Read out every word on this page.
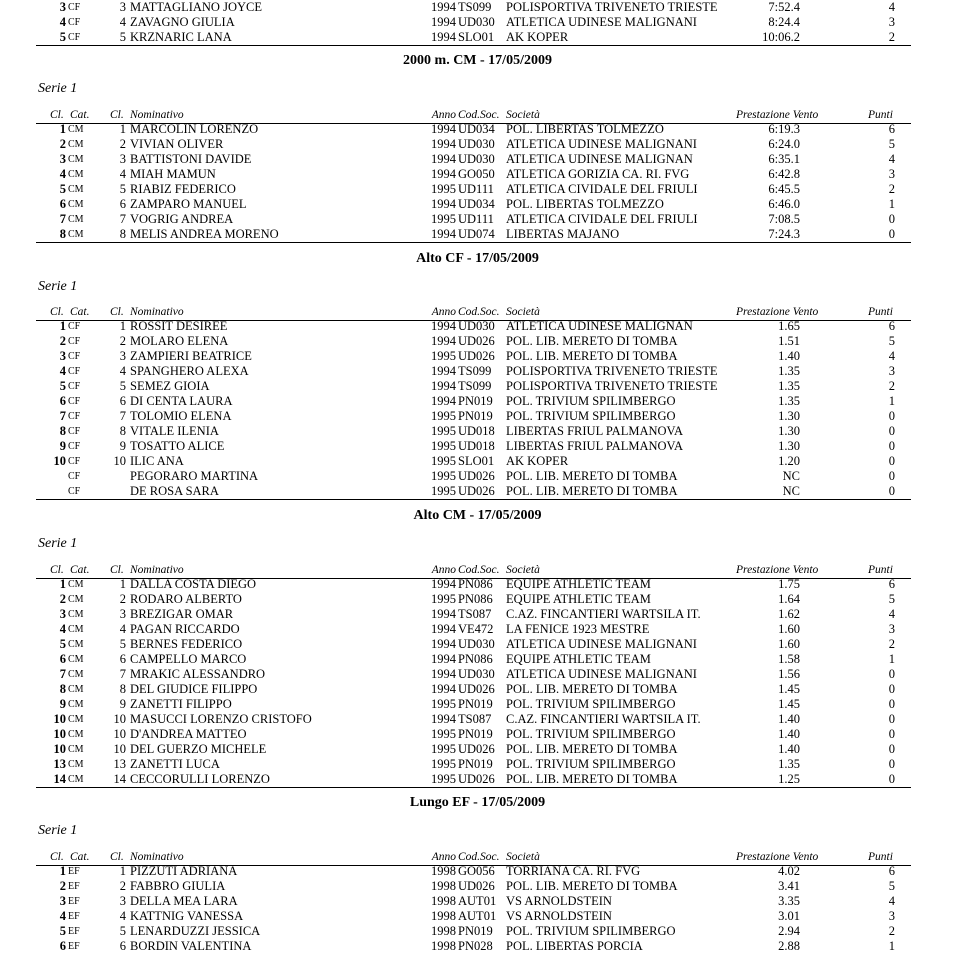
3 CF	3 MATTAGLIANO JOYCE	1994 TS099 POLISPORTIVA TRIVENETO TRIESTE	7:52.4	4
4 CF	4 ZAVAGNO GIULIA	1994 UD030 ATLETICA UDINESE MALIGNANI	8:24.4	3
5 CF	5 KRZNARIC LANA	1994 SLO01 AK KOPER	10:06.2	2
2000 m. CM - 17/05/2009
Serie 1
Cl. Cat. Cl. Nominativo	Anno Cod.Soc. Società	Prestazione Vento	Punti
1 CM	1 MARCOLIN LORENZO	1994 UD034 POL. LIBERTAS TOLMEZZO	6:19.3	6
2 CM	2 VIVIAN OLIVER	1994 UD030 ATLETICA UDINESE MALIGNANI	6:24.0	5
3 CM	3 BATTISTONI DAVIDE	1994 UD030 ATLETICA UDINESE MALIGNAN	6:35.1	4
4 CM	4 MIAH MAMUN	1994 GO050 ATLETICA GORIZIA CA. RI. FVG	6:42.8	3
5 CM	5 RIABIZ FEDERICO	1995 UD111 ATLETICA CIVIDALE DEL FRIULI	6:45.5	2
6 CM	6 ZAMPARO MANUEL	1994 UD034 POL. LIBERTAS TOLMEZZO	6:46.0	1
7 CM	7 VOGRIG ANDREA	1995 UD111 ATLETICA CIVIDALE DEL FRIULI	7:08.5	0
8 CM	8 MELIS ANDREA MORENO	1994 UD074 LIBERTAS MAJANO	7:24.3	0
Alto CF - 17/05/2009
Serie 1
Cl. Cat. Cl. Nominativo	Anno Cod.Soc. Società	Prestazione Vento	Punti
1 CF	1 ROSSIT DESIREE	1994 UD030 ATLETICA UDINESE MALIGNAN	1.65	6
2 CF	2 MOLARO ELENA	1994 UD026 POL. LIB. MERETO DI TOMBA	1.51	5
3 CF	3 ZAMPIERI BEATRICE	1995 UD026 POL. LIB. MERETO DI TOMBA	1.40	4
4 CF	4 SPANGHERO ALEXA	1994 TS099 POLISPORTIVA TRIVENETO TRIESTE	1.35	3
5 CF	5 SEMEZ GIOIA	1994 TS099 POLISPORTIVA TRIVENETO TRIESTE	1.35	2
6 CF	6 DI CENTA LAURA	1994 PN019 POL. TRIVIUM SPILIMBERGO	1.35	1
7 CF	7 TOLOMIO ELENA	1995 PN019 POL. TRIVIUM SPILIMBERGO	1.30	0
8 CF	8 VITALE ILENIA	1995 UD018 LIBERTAS FRIUL PALMANOVA	1.30	0
9 CF	9 TOSATTO ALICE	1995 UD018 LIBERTAS FRIUL PALMANOVA	1.30	0
10 CF	10 ILIC ANA	1995 SLO01 AK KOPER	1.20	0
CF	PEGORARO MARTINA	1995 UD026 POL. LIB. MERETO DI TOMBA	NC	0
CF	DE ROSA SARA	1995 UD026 POL. LIB. MERETO DI TOMBA	NC	0
Alto CM - 17/05/2009
Serie 1
Cl. Cat. Cl. Nominativo	Anno Cod.Soc. Società	Prestazione Vento	Punti
1 CM	1 DALLA COSTA DIEGO	1994 PN086 EQUIPE ATHLETIC TEAM	1.75	6
2 CM	2 RODARO ALBERTO	1995 PN086 EQUIPE ATHLETIC TEAM	1.64	5
3 CM	3 BREZIGAR OMAR	1994 TS087 C.AZ. FINCANTIERI WARTSILA IT.	1.62	4
4 CM	4 PAGAN RICCARDO	1994 VE472 LA FENICE 1923 MESTRE	1.60	3
5 CM	5 BERNES FEDERICO	1994 UD030 ATLETICA UDINESE MALIGNANI	1.60	2
6 CM	6 CAMPELLO MARCO	1994 PN086 EQUIPE ATHLETIC TEAM	1.58	1
7 CM	7 MRAKIC ALESSANDRO	1994 UD030 ATLETICA UDINESE MALIGNANI	1.56	0
8 CM	8 DEL GIUDICE FILIPPO	1994 UD026 POL. LIB. MERETO DI TOMBA	1.45	0
9 CM	9 ZANETTI FILIPPO	1995 PN019 POL. TRIVIUM SPILIMBERGO	1.45	0
10 CM	10 MASUCCI LORENZO CRISTOFO	1994 TS087 C.AZ. FINCANTIERI WARTSILA IT.	1.40	0
10 CM	10 D'ANDREA MATTEO	1995 PN019 POL. TRIVIUM SPILIMBERGO	1.40	0
10 CM	10 DEL GUERZO MICHELE	1995 UD026 POL. LIB. MERETO DI TOMBA	1.40	0
13 CM	13 ZANETTI LUCA	1995 PN019 POL. TRIVIUM SPILIMBERGO	1.35	0
14 CM	14 CECCORULLI LORENZO	1995 UD026 POL. LIB. MERETO DI TOMBA	1.25	0
Lungo EF - 17/05/2009
Serie 1
Cl. Cat. Cl. Nominativo	Anno Cod.Soc. Società	Prestazione Vento	Punti
1 EF	1 PIZZUTI ADRIANA	1998 GO056 TORRIANA CA. RI. FVG	4.02	6
2 EF	2 FABBRO GIULIA	1998 UD026 POL. LIB. MERETO DI TOMBA	3.41	5
3 EF	3 DELLA MEA LARA	1998 AUT01 VS ARNOLDSTEIN	3.35	4
4 EF	4 KATTNIG VANESSA	1998 AUT01 VS ARNOLDSTEIN	3.01	3
5 EF	5 LENARDUZZI JESSICA	1998 PN019 POL. TRIVIUM SPILIMBERGO	2.94	2
6 EF	6 BORDIN VALENTINA	1998 PN028 POL. LIBERTAS PORCIA	2.88	1
